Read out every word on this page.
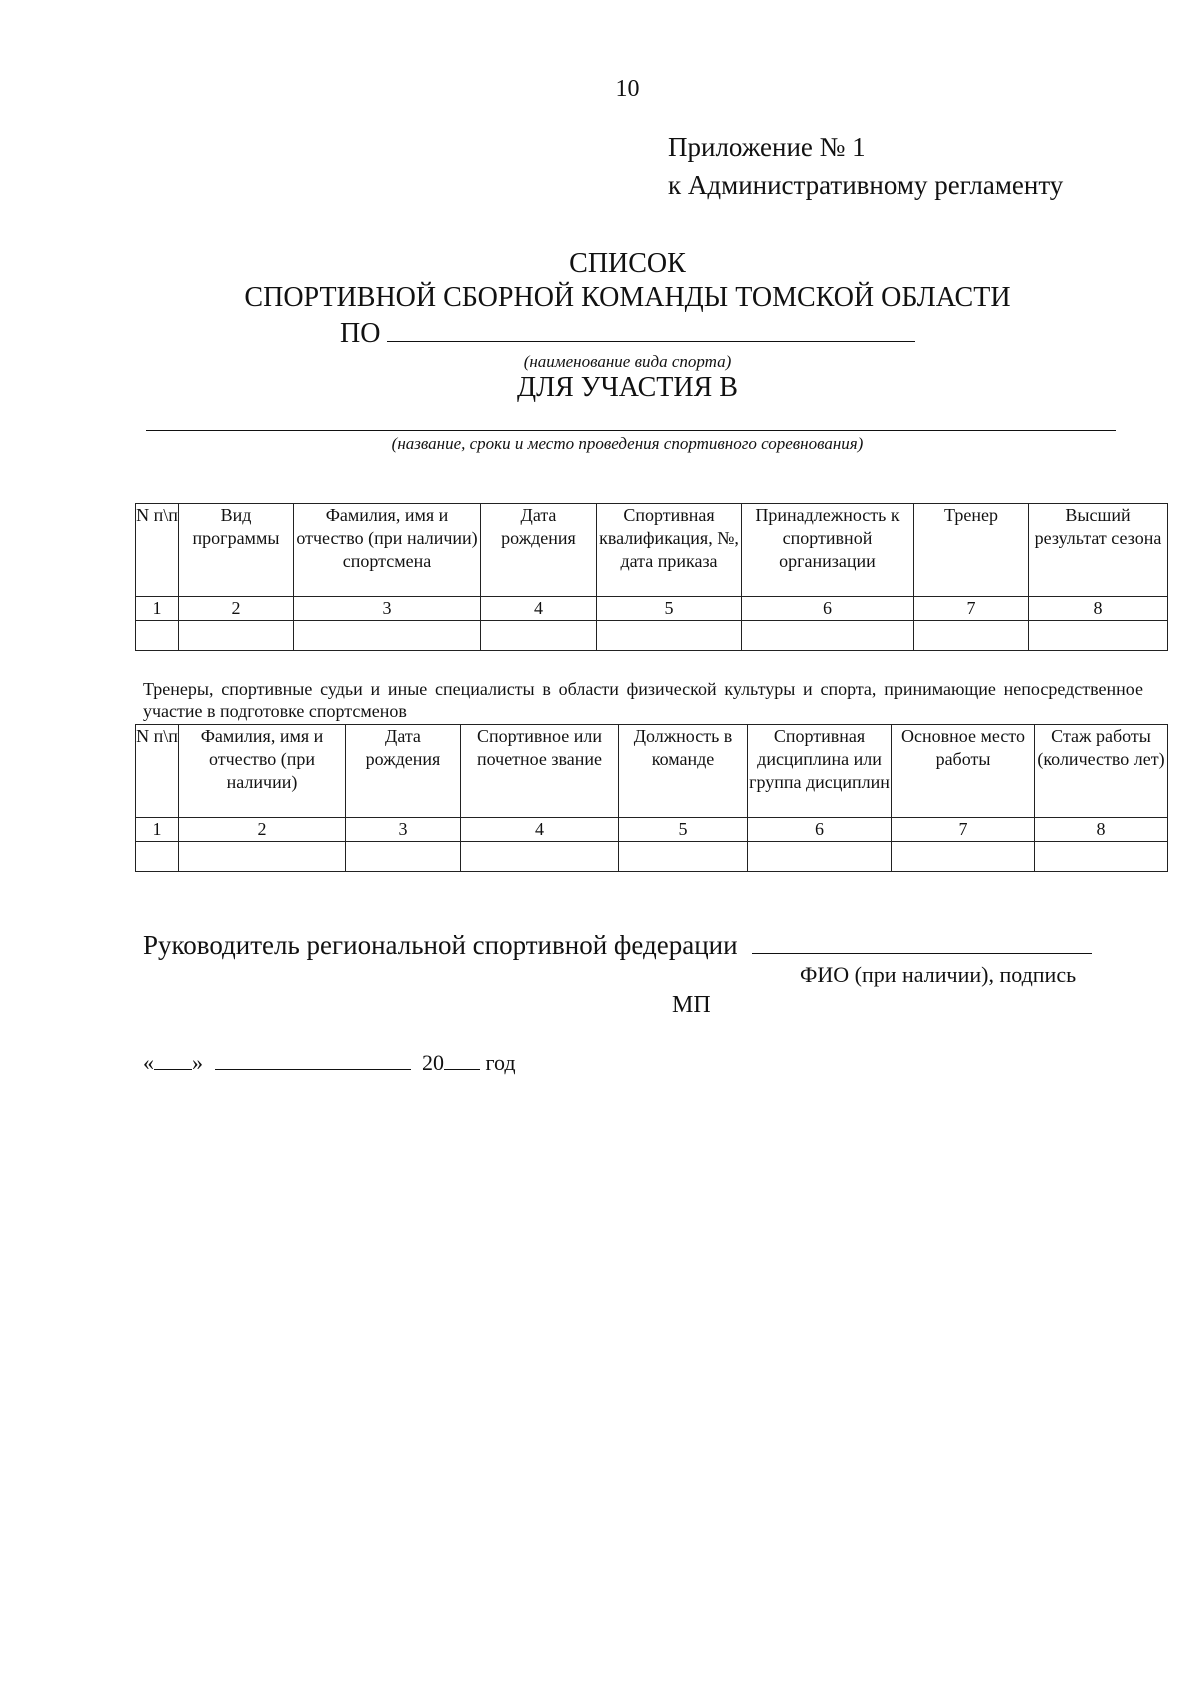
10
Приложение № 1
к Административному регламенту
СПИСОК
СПОРТИВНОЙ СБОРНОЙ КОМАНДЫ ТОМСКОЙ ОБЛАСТИ
ПО
(наименование вида спорта)
ДЛЯ УЧАСТИЯ В
(название, сроки и место проведения спортивного соревнования)
N п\п	Вид программы	Фамилия, имя и отчество (при наличии) спортсмена	Дата рождения	Спортивная квалификация, №, дата приказа	Принадлежность к спортивной организации	Тренер	Высший результат сезона
1	2	3	4	5	6	7	8

Тренеры, спортивные судьи и иные специалисты в области физической культуры и спорта, принимающие непосредственное участие в подготовке спортсменов
N п\п	Фамилия, имя и отчество (при наличии)	Дата рождения	Спортивное или почетное звание	Должность в команде	Спортивная дисциплина или группа дисциплин	Основное место работы	Стаж работы (количество лет)
1	2	3	4	5	6	7	8

Руководитель региональной спортивной федерации
ФИО (при наличии), подпись
МП
« »	20 год
